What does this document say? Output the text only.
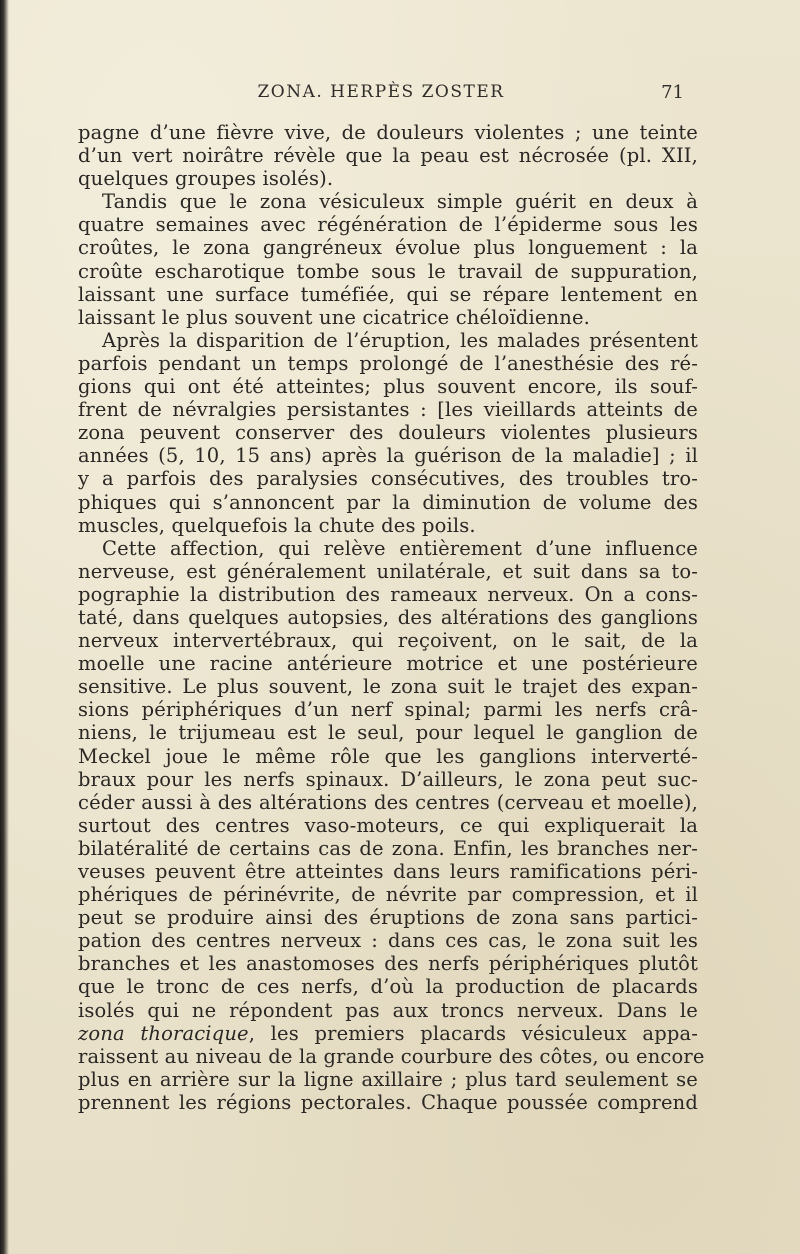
ZONA. HERPÈS ZOSTER	71
pagne d’une fièvre vive, de douleurs violentes ; une teinte
d’un vert noirâtre révèle que la peau est nécrosée (pl. XII,
quelques groupes isolés).
Tandis que le zona vésiculeux simple guérit en deux à
quatre semaines avec régénération de l’épiderme sous les
croûtes, le zona gangréneux évolue plus longuement : la
croûte escharotique tombe sous le travail de suppuration,
laissant une surface tuméfiée, qui se répare lentement en
laissant le plus souvent une cicatrice chéloïdienne.
Après la disparition de l’éruption, les malades présentent
parfois pendant un temps prolongé de l’anesthésie des ré-
gions qui ont été atteintes; plus souvent encore, ils souf-
frent de névralgies persistantes : [les vieillards atteints de
zona peuvent conserver des douleurs violentes plusieurs
années (5, 10, 15 ans) après la guérison de la maladie] ; il
y a parfois des paralysies consécutives, des troubles tro-
phiques qui s’annoncent par la diminution de volume des
muscles, quelquefois la chute des poils.
Cette affection, qui relève entièrement d’une influence
nerveuse, est généralement unilatérale, et suit dans sa to-
pographie la distribution des rameaux nerveux. On a cons-
taté, dans quelques autopsies, des altérations des ganglions
nerveux intervertébraux, qui reçoivent, on le sait, de la
moelle une racine antérieure motrice et une postérieure
sensitive. Le plus souvent, le zona suit le trajet des expan-
sions périphériques d’un nerf spinal; parmi les nerfs crâ-
niens, le trijumeau est le seul, pour lequel le ganglion de
Meckel joue le même rôle que les ganglions interverté-
braux pour les nerfs spinaux. D’ailleurs, le zona peut suc-
céder aussi à des altérations des centres (cerveau et moelle),
surtout des centres vaso-moteurs, ce qui expliquerait la
bilatéralité de certains cas de zona. Enfin, les branches ner-
veuses peuvent être atteintes dans leurs ramifications péri-
phériques de périnévrite, de névrite par compression, et il
peut se produire ainsi des éruptions de zona sans partici-
pation des centres nerveux : dans ces cas, le zona suit les
branches et les anastomoses des nerfs périphériques plutôt
que le tronc de ces nerfs, d’où la production de placards
isolés qui ne répondent pas aux troncs nerveux. Dans le
zona thoracique, les premiers placards vésiculeux appa-
raissent au niveau de la grande courbure des côtes, ou encore
plus en arrière sur la ligne axillaire ; plus tard seulement se
prennent les régions pectorales. Chaque poussée comprend
